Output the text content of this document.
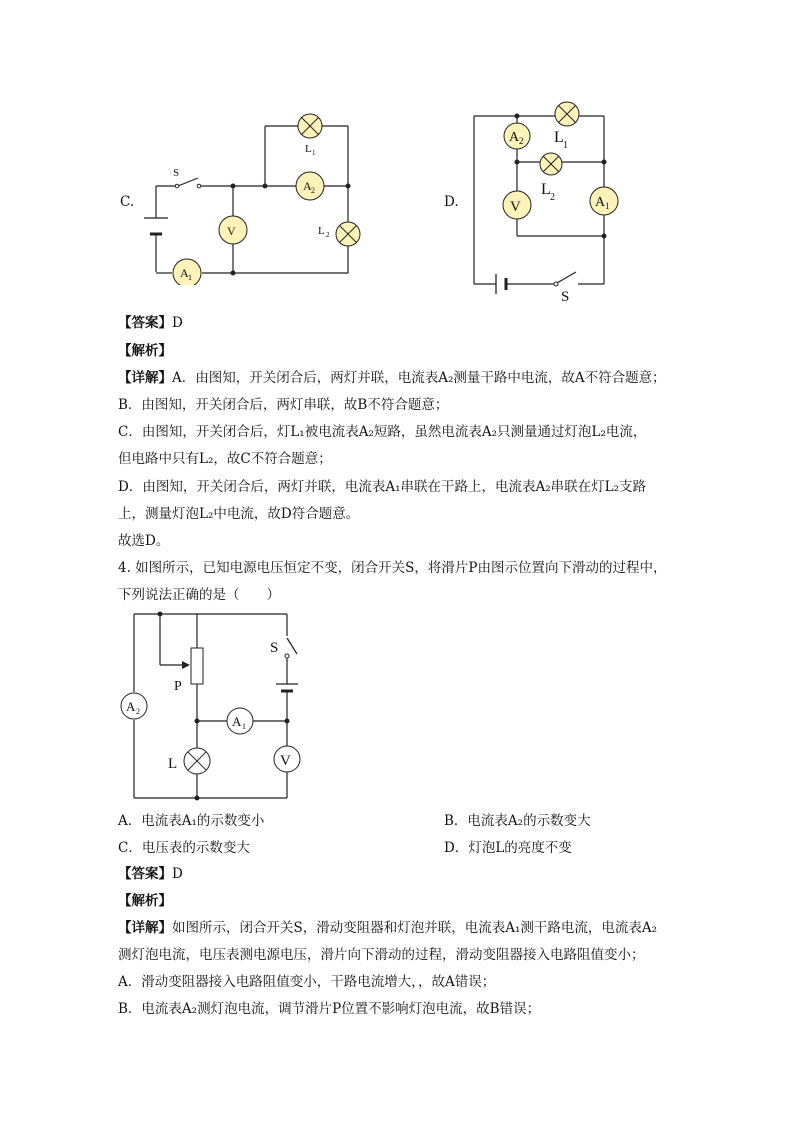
C.
S
A 1
V
L 1
A 2
L 2
D.
S
L 1
A 2
L 2
V	A 1
【答案】D
【解析】
【详解】A．由图知，开关闭合后，两灯并联，电流表A₂测量干路中电流，故A不符合题意；
B．由图知，开关闭合后，两灯串联，故B不符合题意；
C．由图知，开关闭合后，灯L₁被电流表A₂短路，虽然电流表A₂只测量通过灯泡L₂电流，
但电路中只有L₂，故C不符合题意；
D．由图知，开关闭合后，两灯并联，电流表A₁串联在干路上，电流表A₂串联在灯L₂支路
上，测量灯泡L₂中电流，故D符合题意。
故选D。
4. 如图所示，已知电源电压恒定不变，闭合开关S，将滑片P由图示位置向下滑动的过程中，
下列说法正确的是（　　）
A 2
P
A 1
L
S
V
A．电流表A₁的示数变小	B．电流表A₂的示数变大
C．电压表的示数变大	D．灯泡L的亮度不变
【答案】D
【解析】
【详解】如图所示，闭合开关S，滑动变阻器和灯泡并联，电流表A₁测干路电流，电流表A₂
测灯泡电流，电压表测电源电压，滑片向下滑动的过程，滑动变阻器接入电路阻值变小；
A．滑动变阻器接入电路阻值变小，干路电流增大，，故A错误；
B．电流表A₂测灯泡电流，调节滑片P位置不影响灯泡电流，故B错误；
